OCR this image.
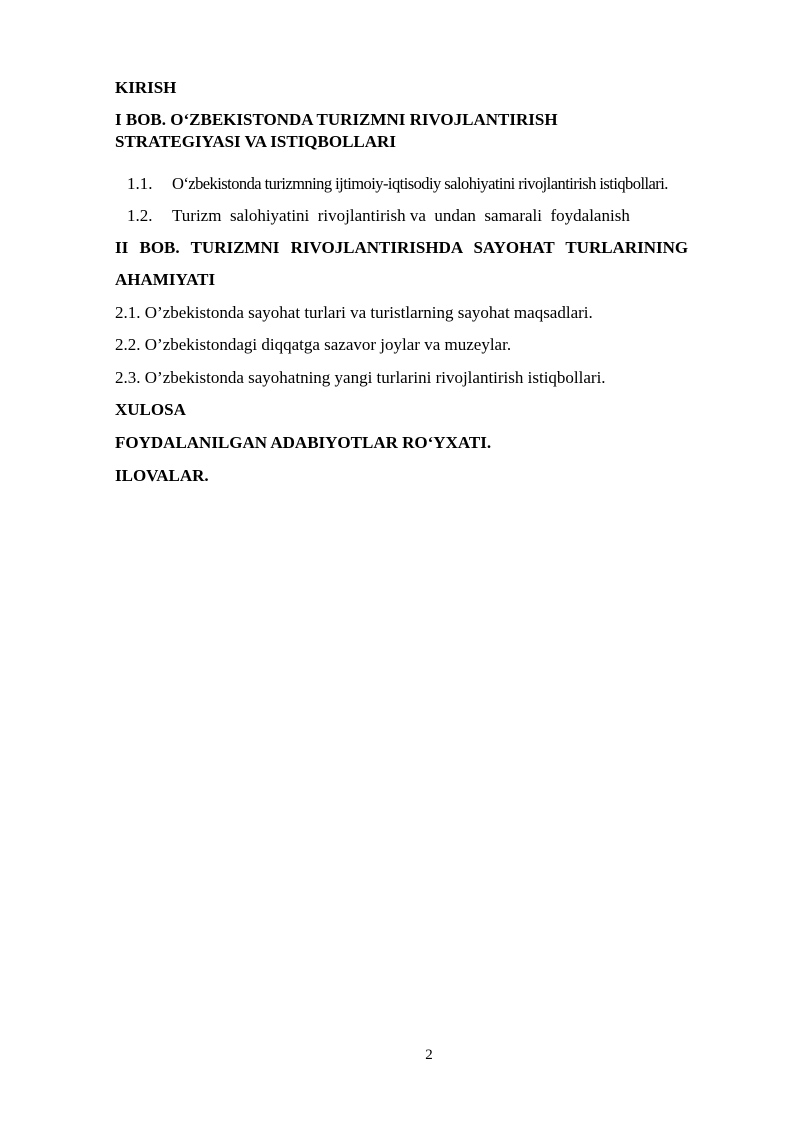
KIRISH
I BOB. O‘ZBEKISTONDA TURIZMNI RIVOJLANTIRISH
STRATEGIYASI VA ISTIQBOLLARI
1.1. O‘zbekistonda turizmning ijtimoiy-iqtisodiy salohiyatini rivojlantirish istiqbollari.
1.2. Turizm  salohiyatini  rivojlantirish va  undan  samarali  foydalanish
II BOB. TURIZMNI RIVOJLANTIRISHDA SAYOHAT TURLARINING
AHAMIYATI
2.1. O’zbekistonda sayohat turlari va turistlarning sayohat maqsadlari.
2.2. O’zbekistondagi diqqatga sazavor joylar va muzeylar.
2.3. O’zbekistonda sayohatning yangi turlarini rivojlantirish istiqbollari.
XULOSA
FOYDALANILGAN ADABIYOTLAR RO‘YXATI.
ILOVALAR.
2
